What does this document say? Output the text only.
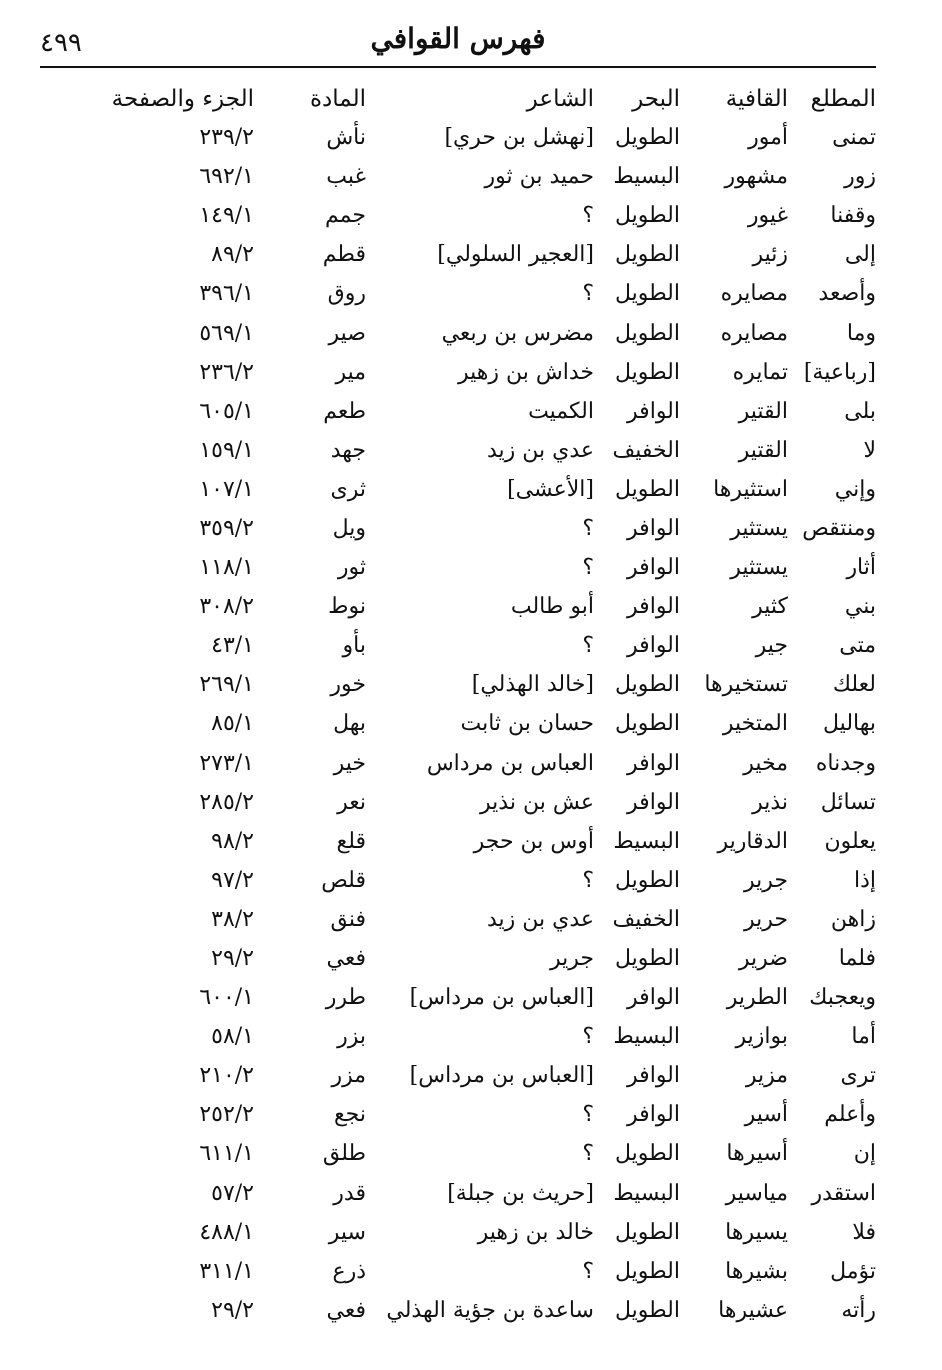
٤٩٩	فهرس القوافي
المطلع	القافية	البحر	الشاعر	المادة	الجزء والصفحة
تمنى	أمور	الطويل	[نهشل بن حري]	نأش	٢٣٩/٢
زور	مشهور	البسيط	حميد بن ثور	غبب	٦٩٢/١
وقفنا	غيور	الطويل	؟	جمم	١٤٩/١
إلى	زئير	الطويل	[العجير السلولي]	قطم	٨٩/٢
وأصعد	مصايره	الطويل	؟	روق	٣٩٦/١
وما	مصايره	الطويل	مضرس بن ربعي	صير	٥٦٩/١
[رباعية]	تمايره	الطويل	خداش بن زهير	مير	٢٣٦/٢
بلى	القتير	الوافر	الكميت	طعم	٦٠٥/١
لا	القتير	الخفيف	عدي بن زيد	جهد	١٥٩/١
وإني	استثيرها	الطويل	[الأعشى]	ثرى	١٠٧/١
ومنتقص	يستثير	الوافر	؟	ويل	٣٥٩/٢
أثار	يستثير	الوافر	؟	ثور	١١٨/١
بني	كثير	الوافر	أبو طالب	نوط	٣٠٨/٢
متى	جير	الوافر	؟	بأو	٤٣/١
لعلك	تستخيرها	الطويل	[خالد الهذلي]	خور	٢٦٩/١
بهاليل	المتخير	الطويل	حسان بن ثابت	بهل	٨٥/١
وجدناه	مخير	الوافر	العباس بن مرداس	خير	٢٧٣/١
تسائل	نذير	الوافر	عش بن نذير	نعر	٢٨٥/٢
يعلون	الدقارير	البسيط	أوس بن حجر	قلع	٩٨/٢
إذا	جرير	الطويل	؟	قلص	٩٧/٢
زاهن	حرير	الخفيف	عدي بن زيد	فنق	٣٨/٢
فلما	ضرير	الطويل	جرير	فعي	٢٩/٢
ويعجبك	الطرير	الوافر	[العباس بن مرداس]	طرر	٦٠٠/١
أما	بوازير	البسيط	؟	بزر	٥٨/١
ترى	مزير	الوافر	[العباس بن مرداس]	مزر	٢١٠/٢
وأعلم	أسير	الوافر	؟	نجع	٢٥٢/٢
إن	أسيرها	الطويل	؟	طلق	٦١١/١
استقدر	مياسير	البسيط	[حريث بن جبلة]	قدر	٥٧/٢
فلا	يسيرها	الطويل	خالد بن زهير	سير	٤٨٨/١
تؤمل	بشيرها	الطويل	؟	ذرع	٣١١/١
رأته	عشيرها	الطويل	ساعدة بن جؤية الهذلي	فعي	٢٩/٢
